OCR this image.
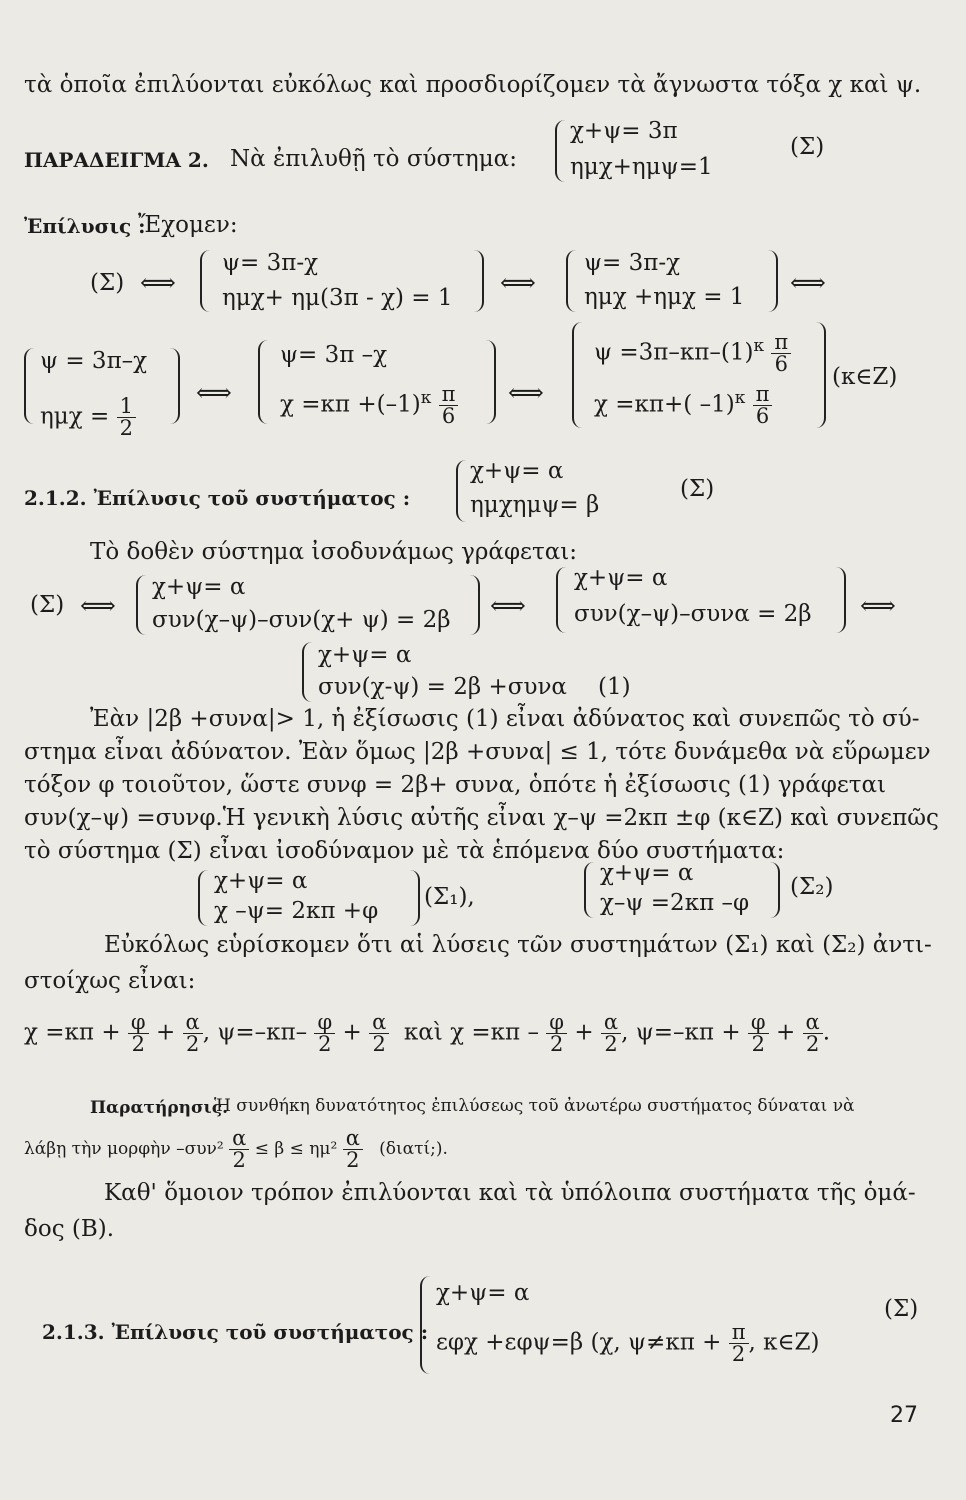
τὰ ὁποῖα ἐπιλύονται εὐκόλως καὶ προσδιορίζομεν τὰ ἄγνωστα τόξα χ καὶ ψ.
ΠΑΡΑΔΕΙΓΜΑ 2. Νὰ ἐπιλυθῇ τὸ σύστημα:
χ+ψ= 3π
ημχ+ημψ=1
(Σ)
Ἐπίλυσις :
Ἔχομεν:
(Σ) ⟺
ψ= 3π-χ
ημχ+ ημ(3π - χ) = 1
⟺
ψ= 3π-χ
ημχ +ημχ = 1 ⟺
ψ = 3π–χ
$\eta\mu\chi = \frac{1}{2}$
⟺
ψ= 3π –χ
$\chi =\kappa\pi +(-1)^\kappa \frac{\pi}{6}$ ⟺
$\psi =3\pi-\kappa\pi-(1)^\kappa \frac{\pi}{6}$
χ =κπ+( $-1)^\kappa \frac{\pi}{6}$
(κ∈Z)
2.1.2. Ἐπίλυσις τοῦ συστήματος :
χ+ψ= α
ημχημψ= β
(Σ)
Τὸ δοθὲν σύστημα ἰσοδυνάμως γράφεται:
(Σ) ⟺
χ+ψ= α
συν(χ–ψ)–συν(χ+ ψ) = 2β ⟺
χ+ψ= α
συν(χ–ψ)–συνα = 2β ⟺
χ+ψ= α
συν(χ-ψ) = 2β +συνα (1)
Ἐὰν |2β +συνα|> 1, ἡ ἐξίσωσις (1) εἶναι ἀδύνατος καὶ συνεπῶς τὸ σύ-
στημα εἶναι ἀδύνατον. Ἐὰν ὅμως |2β +συνα| ≤ 1, τότε δυνάμεθα νὰ εὕρωμεν
τόξον φ τοιοῦτον, ὥστε συνφ = 2β+ συνα, ὁπότε ἡ ἐξίσωσις (1) γράφεται
συν(χ–ψ) =συνφ.Ἡ γενικὴ λύσις αὐτῆς εἶναι χ–ψ =2κπ ±φ (κ∈Z) καὶ συνεπῶς
τὸ σύστημα (Σ) εἶναι ἰσοδύναμον μὲ τὰ ἑπόμενα δύο συστήματα:
χ+ψ= α
χ –ψ= 2κπ +φ
(Σ₁),
χ+ψ= α
χ–ψ =2κπ –φ
(Σ₂)
Εὐκόλως εὑρίσκομεν ὅτι αἱ λύσεις τῶν συστημάτων (Σ₁) καὶ (Σ₂) ἀντι-
στοίχως εἶναι:
$\chi =\kappa\pi + \frac{\varphi}{2} + \frac{\alpha}{2}$ , $\psi=-\kappa\pi- \frac{\varphi}{2} + \frac{\alpha}{2}$ καὶ $\chi =\kappa\pi - \frac{\varphi}{2} + \frac{\alpha}{2}$ , $\psi=-\kappa\pi + \frac{\varphi}{2} + \frac{\alpha}{2}$ .
Παρατήρησις.
Ἡ συνθήκη δυνατότητος ἐπιλύσεως τοῦ ἀνωτέρω συστήματος δύναται νὰ
λάβῃ τὴν μορφὴν $-\sigma\upsilon\nu^2 \frac{\alpha}{2} \le \beta \le \eta\mu^2 \frac{\alpha}{2}$ (διατί;).
Καθ' ὅμοιον τρόπον ἐπιλύονται καὶ τὰ ὑπόλοιπα συστήματα τῆς ὁμά-
δος (Β).
2.1.3. Ἐπίλυσις τοῦ συστήματος :
χ+ψ= α
εφχ +εφψ=β (χ, $\psi\ne\kappa\pi + \frac{\pi}{2}$ , κ∈Z)
(Σ)
27
